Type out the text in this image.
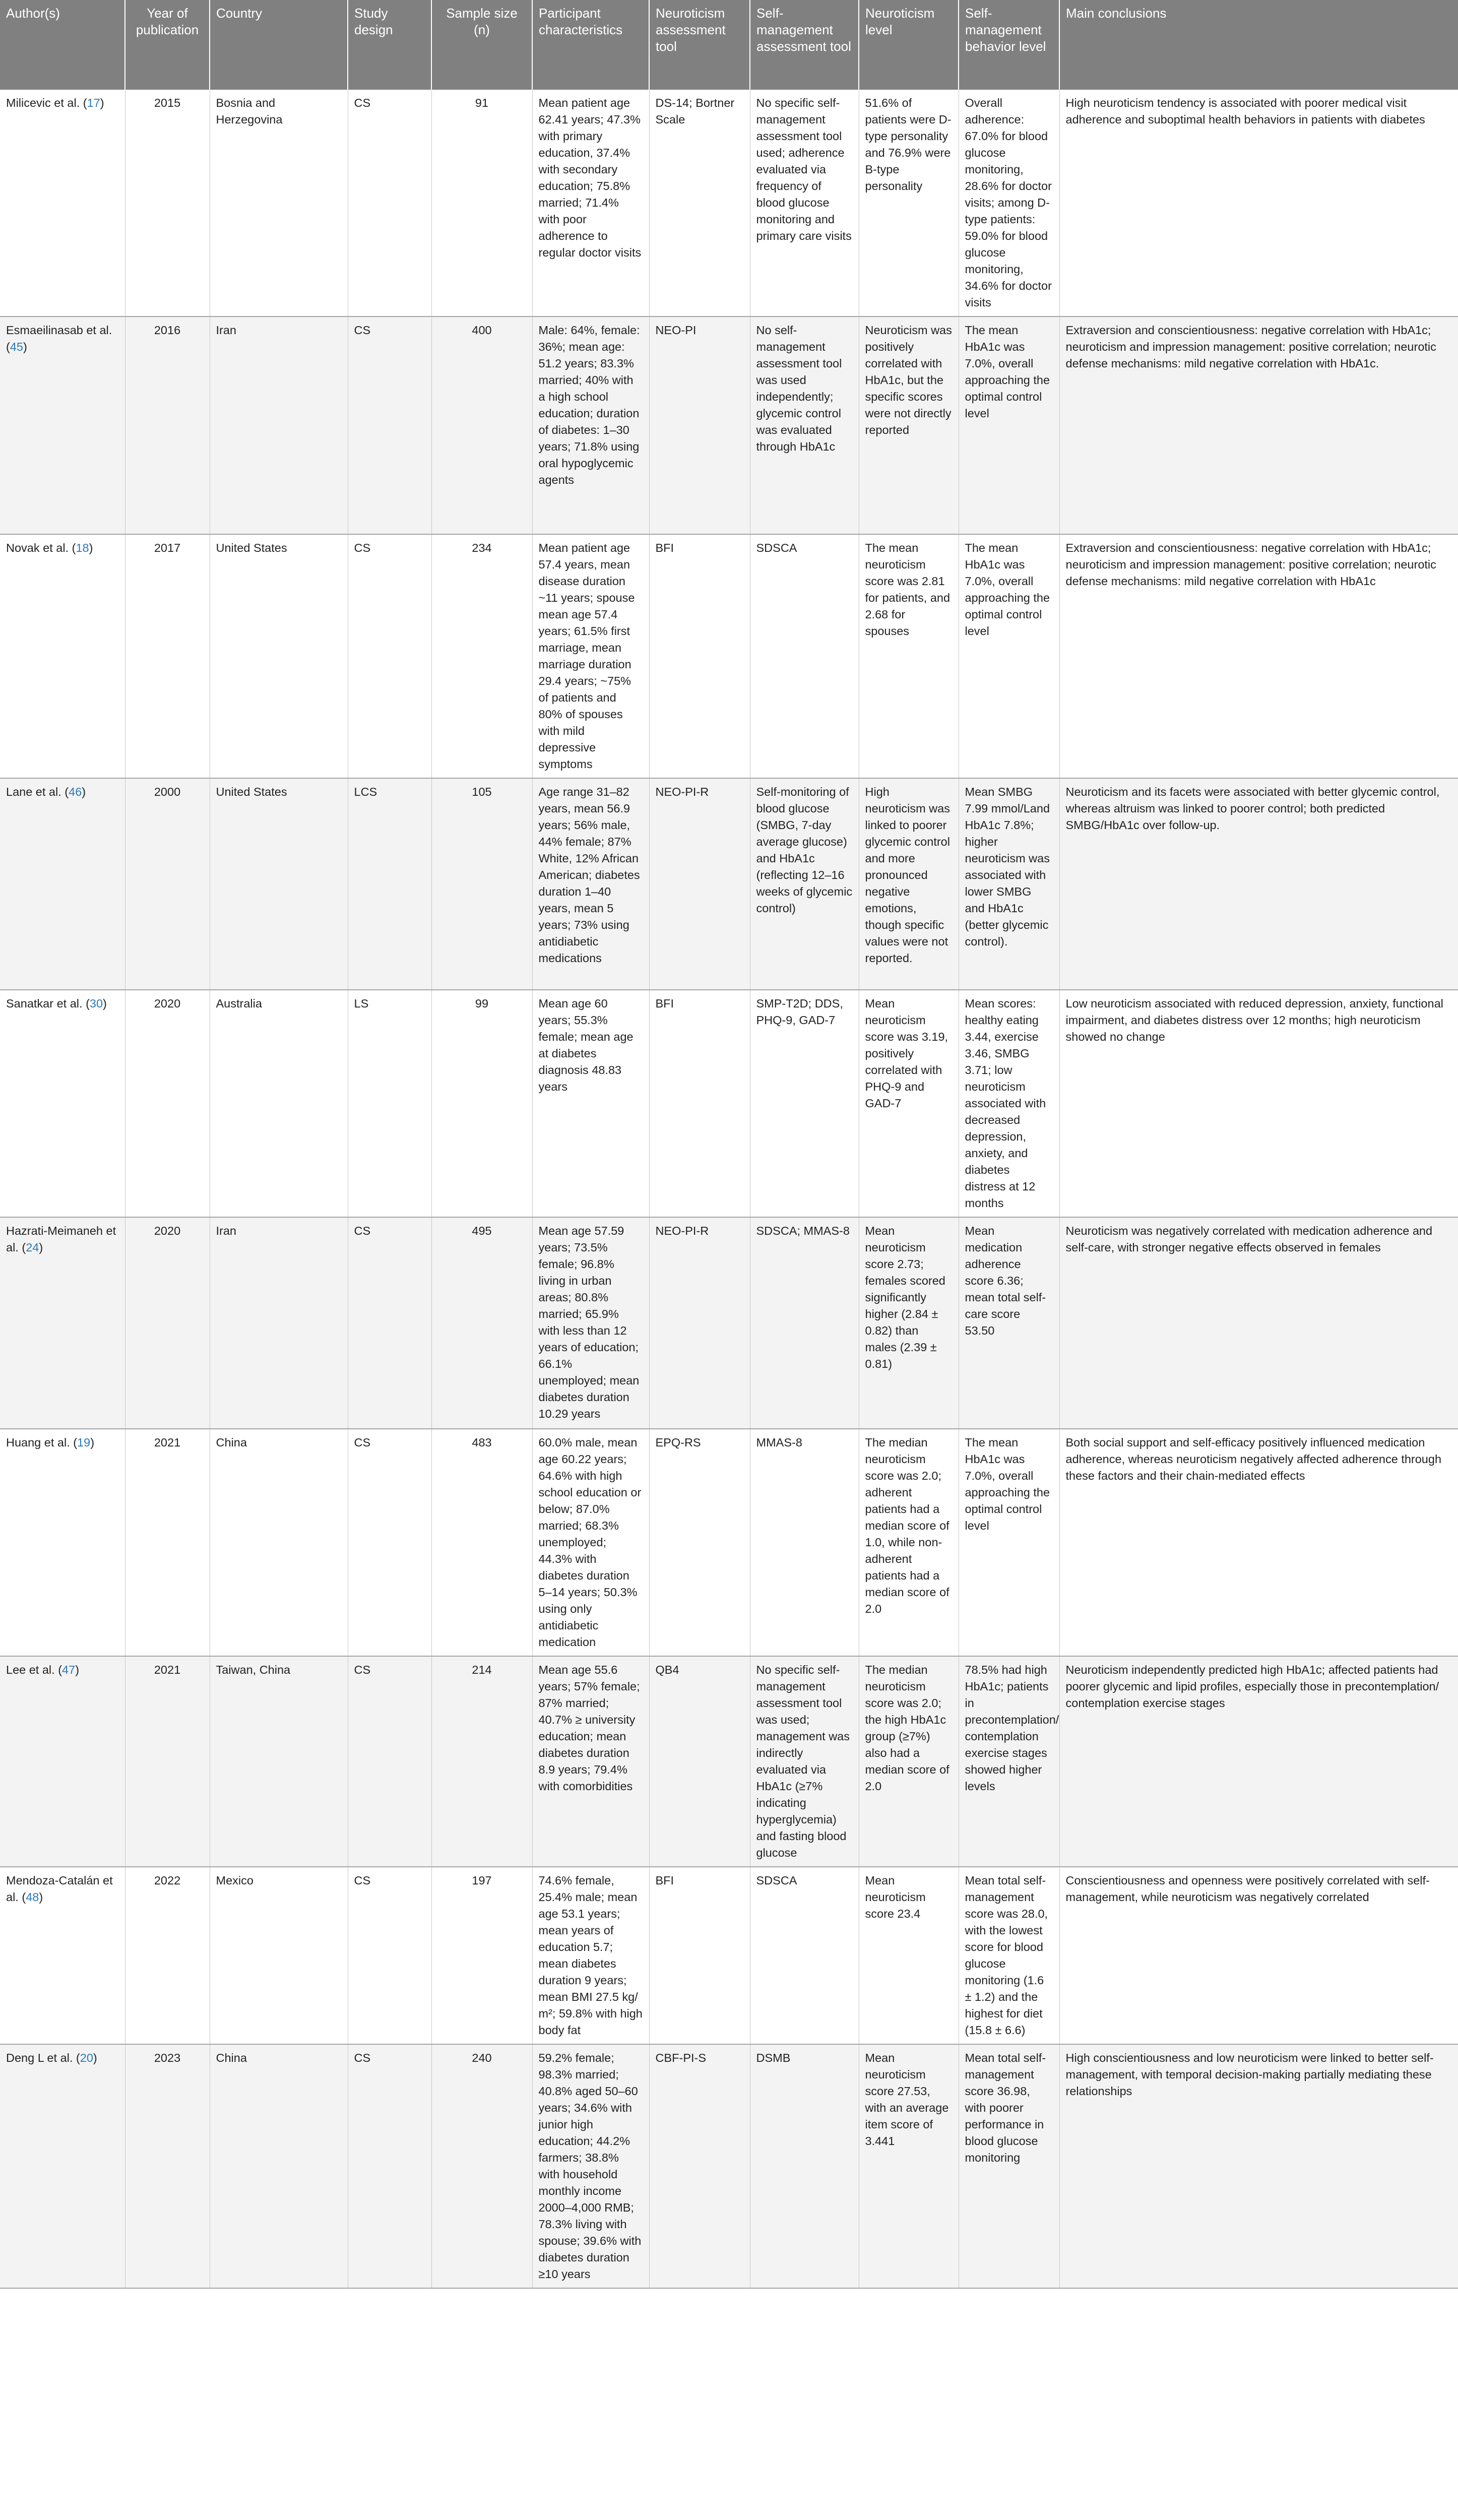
Author(s)	Year of publication	Country	Study design	Sample size (n)	Participant characteristics	Neuroticism assessment tool	Self-management assessment tool	Neuroticism level	Self-management behavior level	Main conclusions
Milicevic et al. (17)	2015	Bosnia and Herzegovina	CS	91	Mean patient age 62.41 years; 47.3% with primary education, 37.4% with secondary education; 75.8% married; 71.4% with poor adherence to regular doctor visits	DS-14; Bortner Scale	No specific self-management assessment tool used; adherence evaluated via frequency of blood glucose monitoring and primary care visits	51.6% of patients were D-type personality and 76.9% were B-type personality	Overall adherence: 67.0% for blood glucose monitoring, 28.6% for doctor visits; among D-type patients: 59.0% for blood glucose monitoring, 34.6% for doctor visits	High neuroticism tendency is associated with poorer medical visit adherence and suboptimal health behaviors in patients with diabetes
Esmaeilinasab et al. (45)	2016	Iran	CS	400	Male: 64%, female: 36%; mean age: 51.2 years; 83.3% married; 40% with a high school education; duration of diabetes: 1–30 years; 71.8% using oral hypoglycemic agents	NEO-PI	No self-management assessment tool was used independently; glycemic control was evaluated through HbA1c	Neuroticism was positively correlated with HbA1c, but the specific scores were not directly reported	The mean HbA1c was 7.0%, overall approaching the optimal control level	Extraversion and conscientiousness: negative correlation with HbA1c; neuroticism and impression management: positive correlation; neurotic defense mechanisms: mild negative correlation with HbA1c.
Novak et al. (18)	2017	United States	CS	234	Mean patient age 57.4 years, mean disease duration ~11 years; spouse mean age 57.4 years; 61.5% first marriage, mean marriage duration 29.4 years; ~75% of patients and 80% of spouses with mild depressive symptoms	BFI	SDSCA	The mean neuroticism score was 2.81 for patients, and 2.68 for spouses	The mean HbA1c was 7.0%, overall approaching the optimal control level	Extraversion and conscientiousness: negative correlation with HbA1c; neuroticism and impression management: positive correlation; neurotic defense mechanisms: mild negative correlation with HbA1c
Lane et al. (46)	2000	United States	LCS	105	Age range 31–82 years, mean 56.9 years; 56% male, 44% female; 87% White, 12% African American; diabetes duration 1–40 years, mean 5 years; 73% using antidiabetic medications	NEO-PI-R	Self-monitoring of blood glucose (SMBG, 7-day average glucose) and HbA1c (reflecting 12–16 weeks of glycemic control)	High neuroticism was linked to poorer glycemic control and more pronounced negative emotions, though specific values were not reported.	Mean SMBG 7.99 mmol/Land HbA1c 7.8%; higher neuroticism was associated with lower SMBG and HbA1c (better glycemic control).	Neuroticism and its facets were associated with better glycemic control, whereas altruism was linked to poorer control; both predicted SMBG/HbA1c over follow-up.
Sanatkar et al. (30)	2020	Australia	LS	99	Mean age 60 years; 55.3% female; mean age at diabetes diagnosis 48.83 years	BFI	SMP-T2D; DDS, PHQ-9, GAD-7	Mean neuroticism score was 3.19, positively correlated with PHQ-9 and GAD-7	Mean scores: healthy eating 3.44, exercise 3.46, SMBG 3.71; low neuroticism associated with decreased depression, anxiety, and diabetes distress at 12 months	Low neuroticism associated with reduced depression, anxiety, functional impairment, and diabetes distress over 12 months; high neuroticism showed no change
Hazrati-Meimaneh et al. (24)	2020	Iran	CS	495	Mean age 57.59 years; 73.5% female; 96.8% living in urban areas; 80.8% married; 65.9% with less than 12 years of education; 66.1% unemployed; mean diabetes duration 10.29 years	NEO-PI-R	SDSCA; MMAS-8	Mean neuroticism score 2.73; females scored significantly higher (2.84 ± 0.82) than males (2.39 ± 0.81)	Mean medication adherence score 6.36; mean total self-care score 53.50	Neuroticism was negatively correlated with medication adherence and self-care, with stronger negative effects observed in females
Huang et al. (19)	2021	China	CS	483	60.0% male, mean age 60.22 years; 64.6% with high school education or below; 87.0% married; 68.3% unemployed; 44.3% with diabetes duration 5–14 years; 50.3% using only antidiabetic medication	EPQ-RS	MMAS-8	The median neuroticism score was 2.0; adherent patients had a median score of 1.0, while non-adherent patients had a median score of 2.0	The mean HbA1c was 7.0%, overall approaching the optimal control level	Both social support and self-efficacy positively influenced medication adherence, whereas neuroticism negatively affected adherence through these factors and their chain-mediated effects
Lee et al. (47)	2021	Taiwan, China	CS	214	Mean age 55.6 years; 57% female; 87% married; 40.7% ≥ university education; mean diabetes duration 8.9 years; 79.4% with comorbidities	QB4	No specific self-management assessment tool was used; management was indirectly evaluated via HbA1c (≥7% indicating hyperglycemia) and fasting blood glucose	The median neuroticism score was 2.0; the high HbA1c group (≥7%) also had a median score of 2.0	78.5% had high HbA1c; patients in precontemplation/ contemplation exercise stages showed higher levels	Neuroticism independently predicted high HbA1c; affected patients had poorer glycemic and lipid profiles, especially those in precontemplation/ contemplation exercise stages
Mendoza-Catalán et al. (48)	2022	Mexico	CS	197	74.6% female, 25.4% male; mean age 53.1 years; mean years of education 5.7; mean diabetes duration 9 years; mean BMI 27.5 kg/ m²; 59.8% with high body fat	BFI	SDSCA	Mean neuroticism score 23.4	Mean total self-management score was 28.0, with the lowest score for blood glucose monitoring (1.6 ± 1.2) and the highest for diet (15.8 ± 6.6)	Conscientiousness and openness were positively correlated with self-management, while neuroticism was negatively correlated
Deng L et al. (20)	2023	China	CS	240	59.2% female; 98.3% married; 40.8% aged 50–60 years; 34.6% with junior high education; 44.2% farmers; 38.8% with household monthly income 2000–4,000 RMB; 78.3% living with spouse; 39.6% with diabetes duration ≥10 years	CBF-PI-S	DSMB	Mean neuroticism score 27.53, with an average item score of 3.441	Mean total self-management score 36.98, with poorer performance in blood glucose monitoring	High conscientiousness and low neuroticism were linked to better self-management, with temporal decision-making partially mediating these relationships
